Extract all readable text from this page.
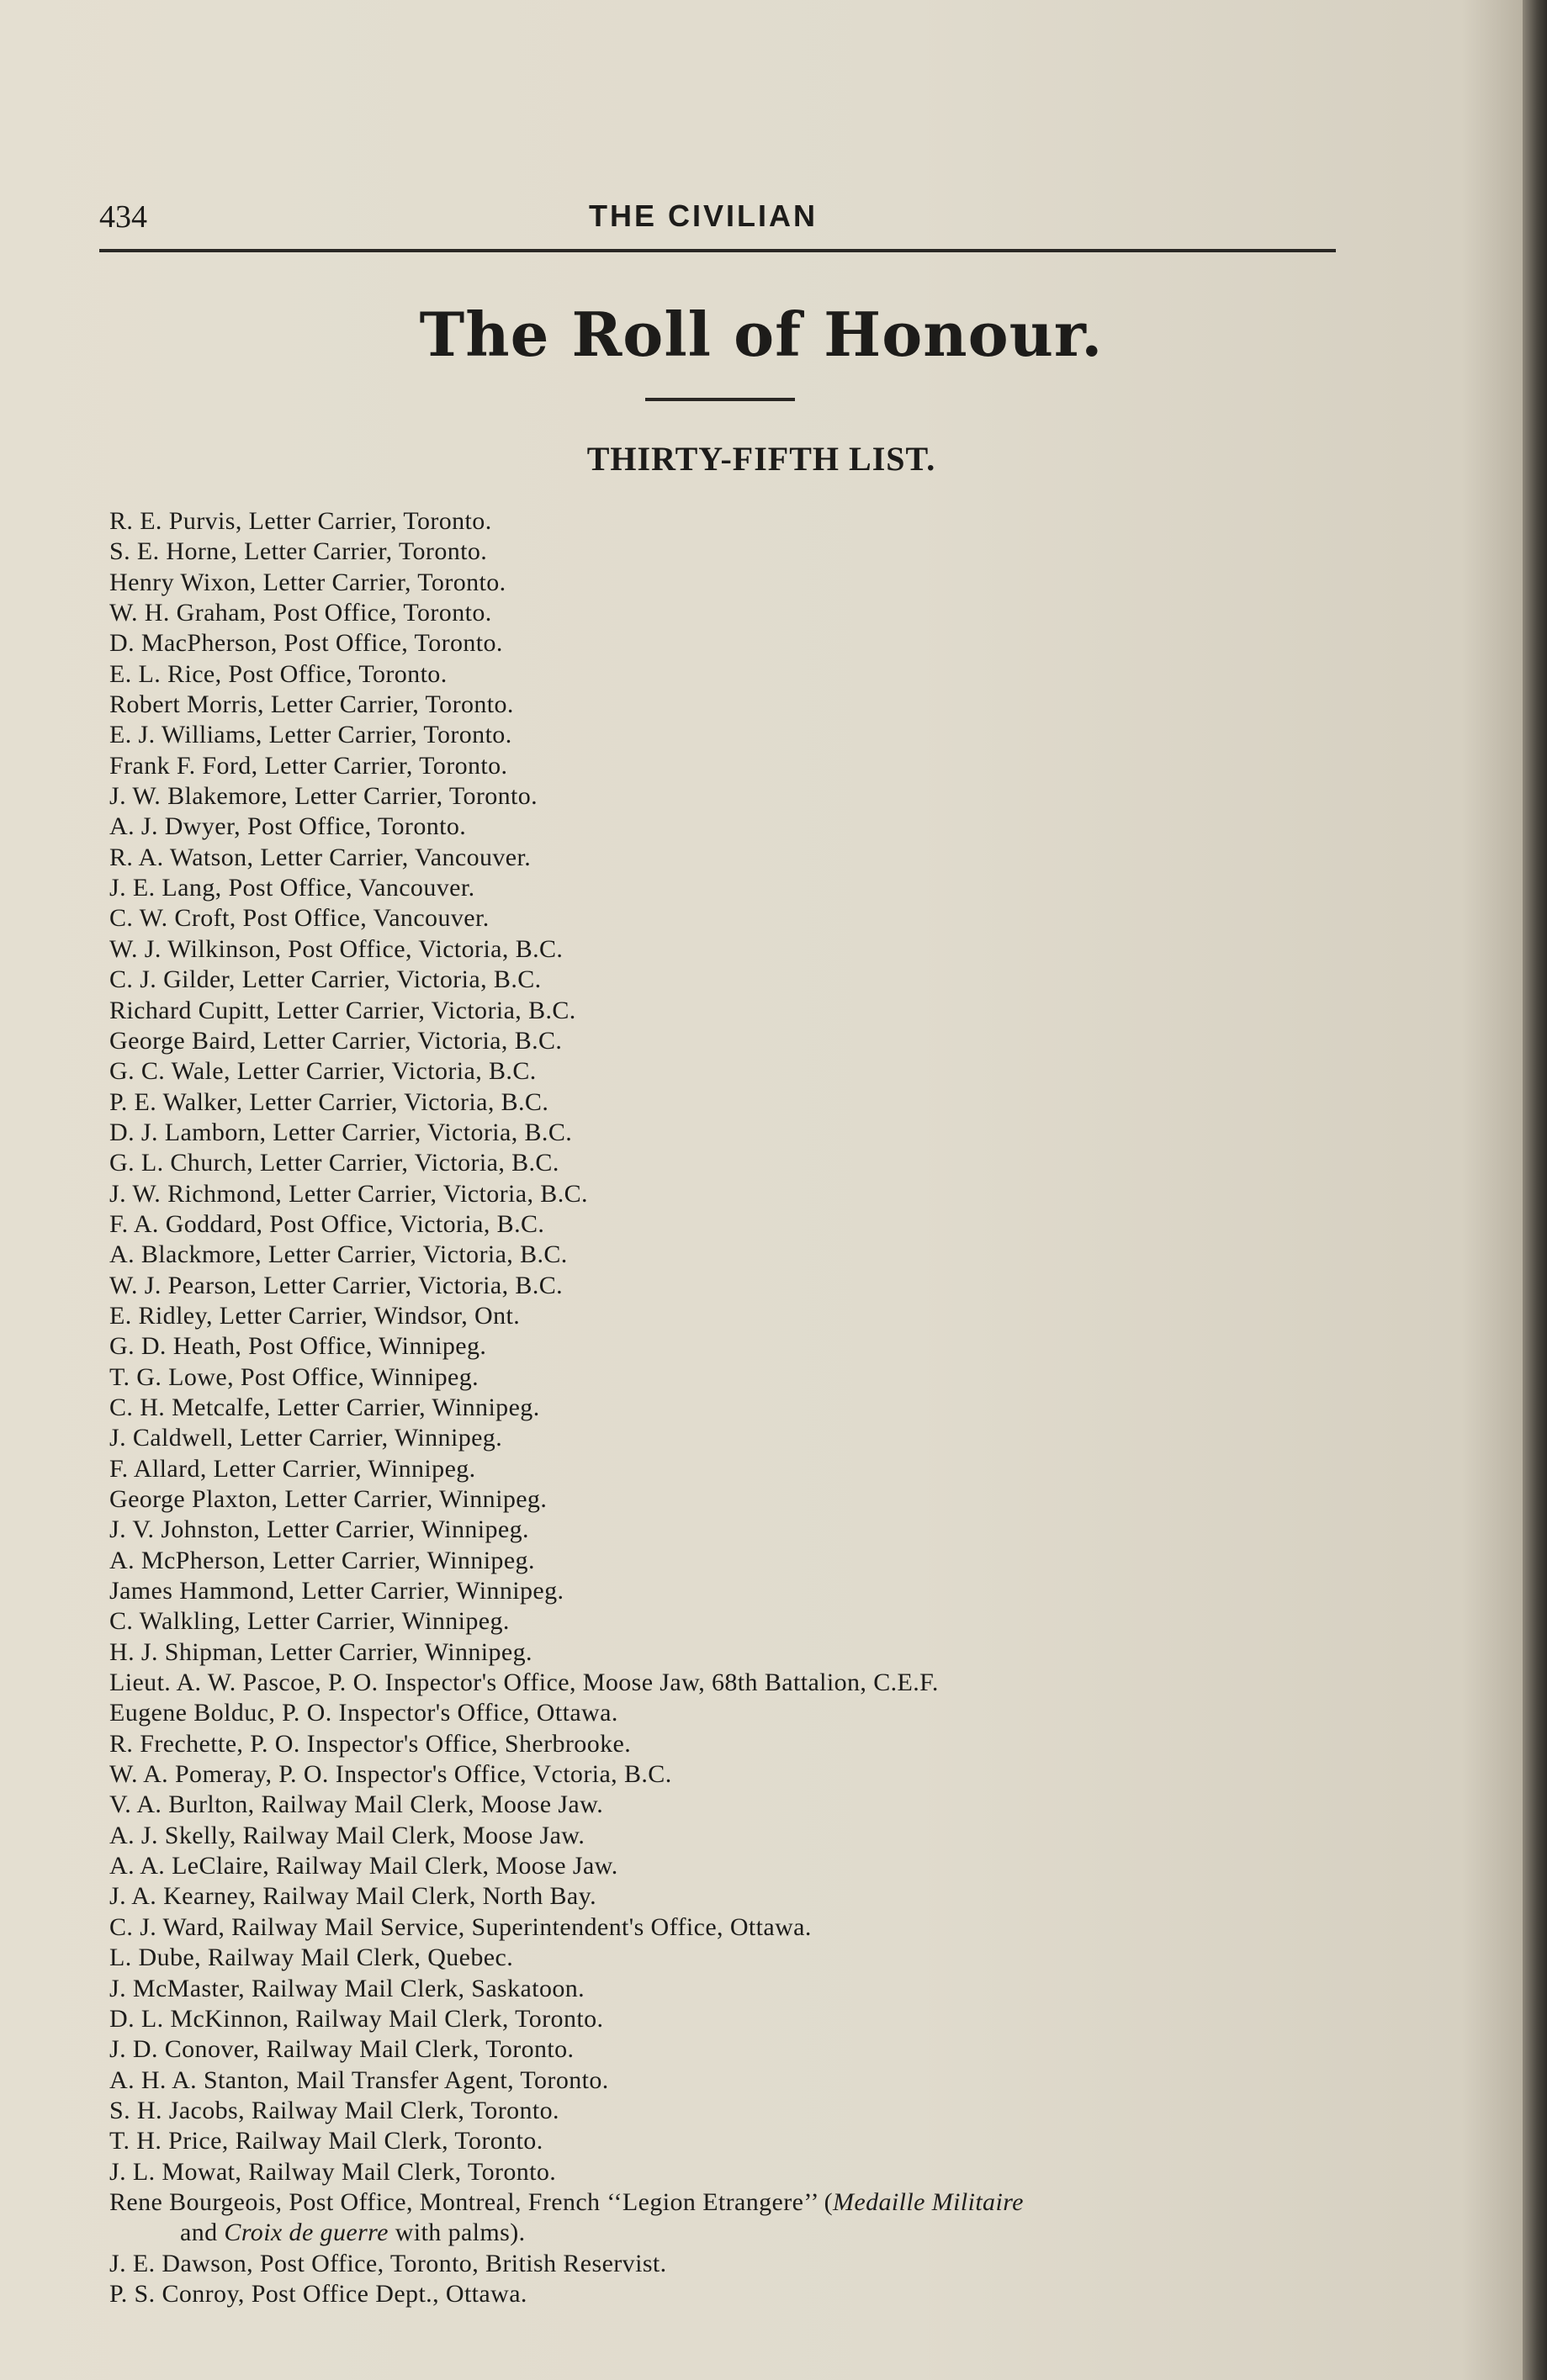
434	THE CIVILIAN
The Roll of Honour.
THIRTY-FIFTH LIST.
R. E. Purvis, Letter Carrier, Toronto.
S. E. Horne, Letter Carrier, Toronto.
Henry Wixon, Letter Carrier, Toronto.
W. H. Graham, Post Office, Toronto.
D. MacPherson, Post Office, Toronto.
E. L. Rice, Post Office, Toronto.
Robert Morris, Letter Carrier, Toronto.
E. J. Williams, Letter Carrier, Toronto.
Frank F. Ford, Letter Carrier, Toronto.
J. W. Blakemore, Letter Carrier, Toronto.
A. J. Dwyer, Post Office, Toronto.
R. A. Watson, Letter Carrier, Vancouver.
J. E. Lang, Post Office, Vancouver.
C. W. Croft, Post Office, Vancouver.
W. J. Wilkinson, Post Office, Victoria, B.C.
C. J. Gilder, Letter Carrier, Victoria, B.C.
Richard Cupitt, Letter Carrier, Victoria, B.C.
George Baird, Letter Carrier, Victoria, B.C.
G. C. Wale, Letter Carrier, Victoria, B.C.
P. E. Walker, Letter Carrier, Victoria, B.C.
D. J. Lamborn, Letter Carrier, Victoria, B.C.
G. L. Church, Letter Carrier, Victoria, B.C.
J. W. Richmond, Letter Carrier, Victoria, B.C.
F. A. Goddard, Post Office, Victoria, B.C.
A. Blackmore, Letter Carrier, Victoria, B.C.
W. J. Pearson, Letter Carrier, Victoria, B.C.
E. Ridley, Letter Carrier, Windsor, Ont.
G. D. Heath, Post Office, Winnipeg.
T. G. Lowe, Post Office, Winnipeg.
C. H. Metcalfe, Letter Carrier, Winnipeg.
J. Caldwell, Letter Carrier, Winnipeg.
F. Allard, Letter Carrier, Winnipeg.
George Plaxton, Letter Carrier, Winnipeg.
J. V. Johnston, Letter Carrier, Winnipeg.
A. McPherson, Letter Carrier, Winnipeg.
James Hammond, Letter Carrier, Winnipeg.
C. Walkling, Letter Carrier, Winnipeg.
H. J. Shipman, Letter Carrier, Winnipeg.
Lieut. A. W. Pascoe, P. O. Inspector's Office, Moose Jaw, 68th Battalion, C.E.F.
Eugene Bolduc, P. O. Inspector's Office, Ottawa.
R. Frechette, P. O. Inspector's Office, Sherbrooke.
W. A. Pomeray, P. O. Inspector's Office, Vctoria, B.C.
V. A. Burlton, Railway Mail Clerk, Moose Jaw.
A. J. Skelly, Railway Mail Clerk, Moose Jaw.
A. A. LeClaire, Railway Mail Clerk, Moose Jaw.
J. A. Kearney, Railway Mail Clerk, North Bay.
C. J. Ward, Railway Mail Service, Superintendent's Office, Ottawa.
L. Dube, Railway Mail Clerk, Quebec.
J. McMaster, Railway Mail Clerk, Saskatoon.
D. L. McKinnon, Railway Mail Clerk, Toronto.
J. D. Conover, Railway Mail Clerk, Toronto.
A. H. A. Stanton, Mail Transfer Agent, Toronto.
S. H. Jacobs, Railway Mail Clerk, Toronto.
T. H. Price, Railway Mail Clerk, Toronto.
J. L. Mowat, Railway Mail Clerk, Toronto.
Rene Bourgeois, Post Office, Montreal, French ‘‘Legion Etrangere’’ (Medaille Militaire
and Croix de guerre with palms).
J. E. Dawson, Post Office, Toronto, British Reservist.
P. S. Conroy, Post Office Dept., Ottawa.
